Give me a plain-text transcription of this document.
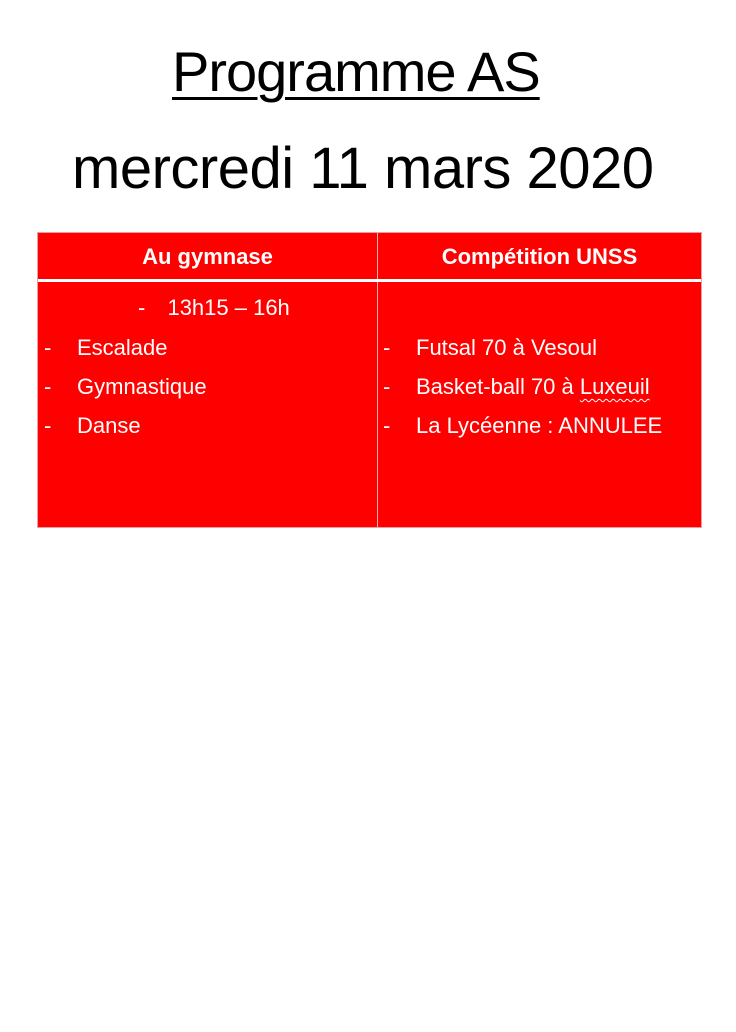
Programme AS
mercredi 11 mars 2020
Au gymnase	Compétition UNSS
- 13h15 – 16h
- Escalade
- Gymnastique
- Danse
- Futsal 70 à Vesoul
- Basket-ball 70 à Luxeuil
- La Lycéenne : ANNULEE
